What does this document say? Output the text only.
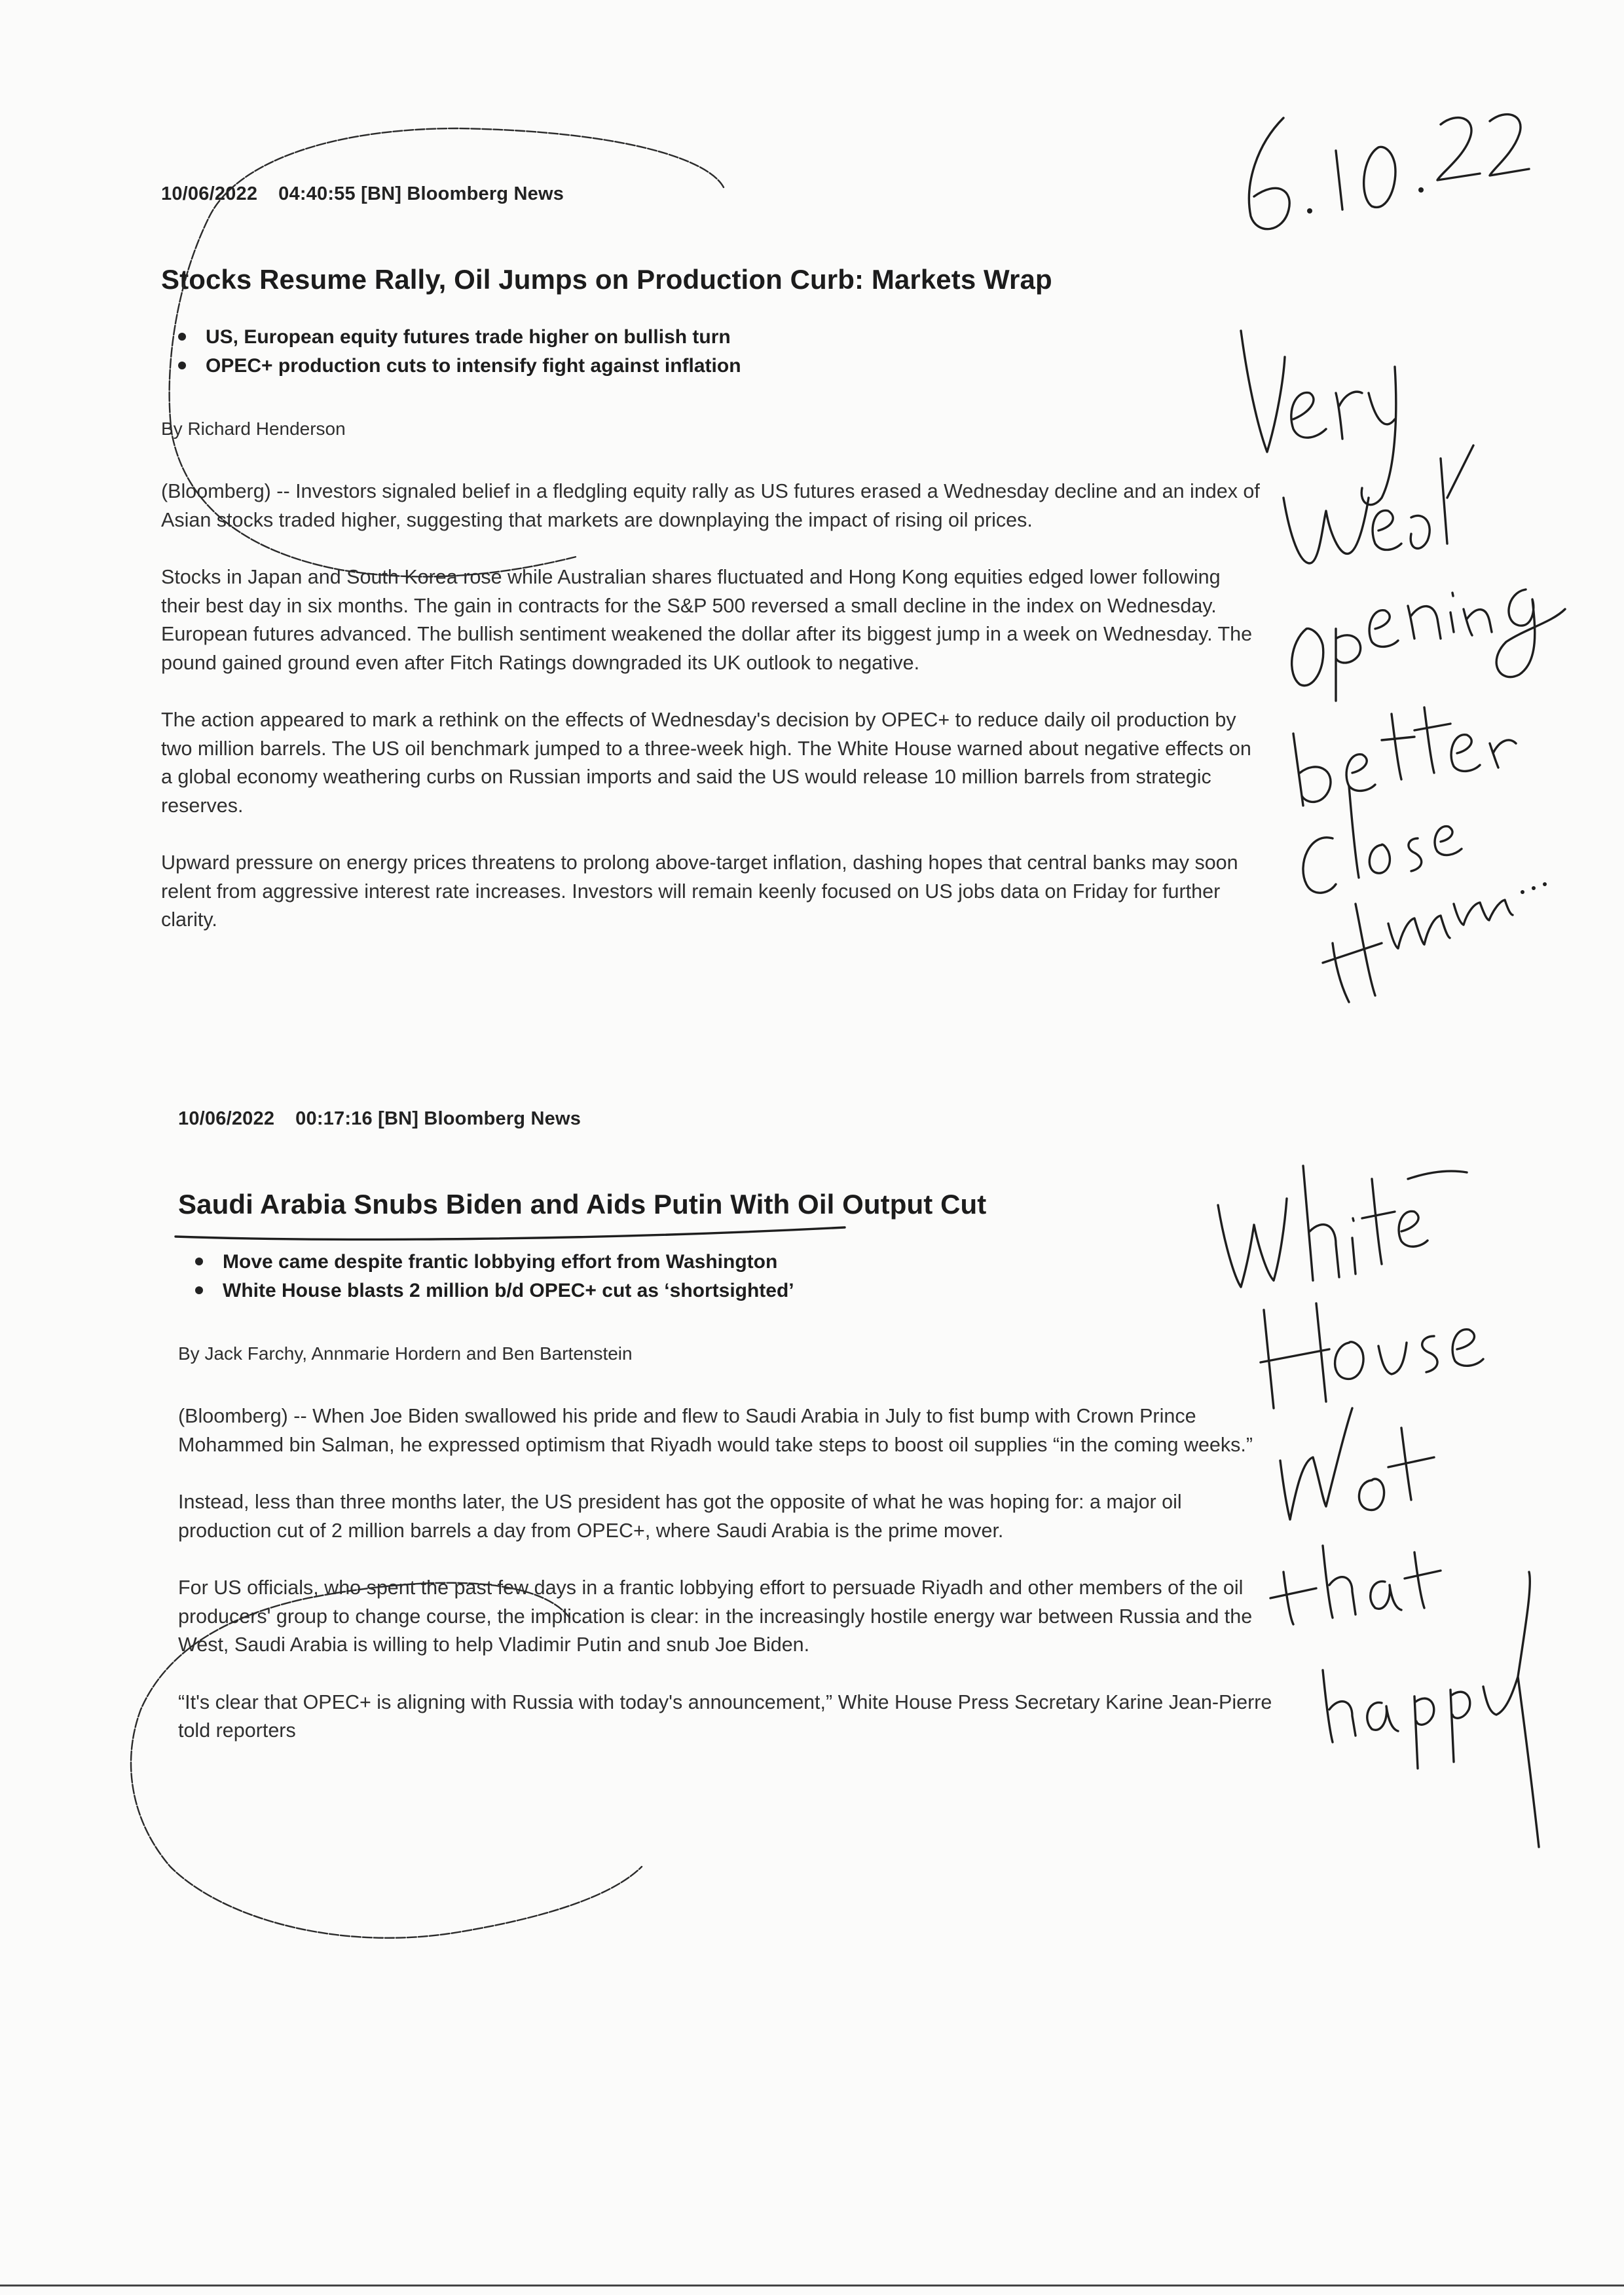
10/06/2022 04:40:55 [BN] Bloomberg News
Stocks Resume Rally, Oil Jumps on Production Curb: Markets Wrap
US, European equity futures trade higher on bullish turn
OPEC+ production cuts to intensify fight against inflation
By Richard Henderson

(Bloomberg) -- Investors signaled belief in a fledgling equity rally as US futures erased a Wednesday decline and an index of Asian stocks traded higher, suggesting that markets are downplaying the impact of rising oil prices.

Stocks in Japan and South Korea rose while Australian shares fluctuated and Hong Kong equities edged lower following their best day in six months. The gain in contracts for the S&P 500 reversed a small decline in the index on Wednesday. European futures advanced. The bullish sentiment weakened the dollar after its biggest jump in a week on Wednesday. The pound gained ground even after Fitch Ratings downgraded its UK outlook to negative.

The action appeared to mark a rethink on the effects of Wednesday's decision by OPEC+ to reduce daily oil production by two million barrels. The US oil benchmark jumped to a three-week high. The White House warned about negative effects on a global economy weathering curbs on Russian imports and said the US would release 10 million barrels from strategic reserves.

Upward pressure on energy prices threatens to prolong above-target inflation, dashing hopes that central banks may soon relent from aggressive interest rate increases. Investors will remain keenly focused on US jobs data on Friday for further clarity.

10/06/2022 00:17:16 [BN] Bloomberg News
Saudi Arabia Snubs Biden and Aids Putin With Oil Output Cut
Move came despite frantic lobbying effort from Washington
White House blasts 2 million b/d OPEC+ cut as ‘shortsighted’
By Jack Farchy, Annmarie Hordern and Ben Bartenstein

(Bloomberg) -- When Joe Biden swallowed his pride and flew to Saudi Arabia in July to fist bump with Crown Prince Mohammed bin Salman, he expressed optimism that Riyadh would take steps to boost oil supplies “in the coming weeks.”

Instead, less than three months later, the US president has got the opposite of what he was hoping for: a major oil production cut of 2 million barrels a day from OPEC+, where Saudi Arabia is the prime mover.

For US officials, who spent the past few days in a frantic lobbying effort to persuade Riyadh and other members of the oil producers' group to change course, the implication is clear: in the increasingly hostile energy war between Russia and the West, Saudi Arabia is willing to help Vladimir Putin and snub Joe Biden.

“It's clear that OPEC+ is aligning with Russia with today's announcement,” White House Press Secretary Karine Jean-Pierre told reporters
